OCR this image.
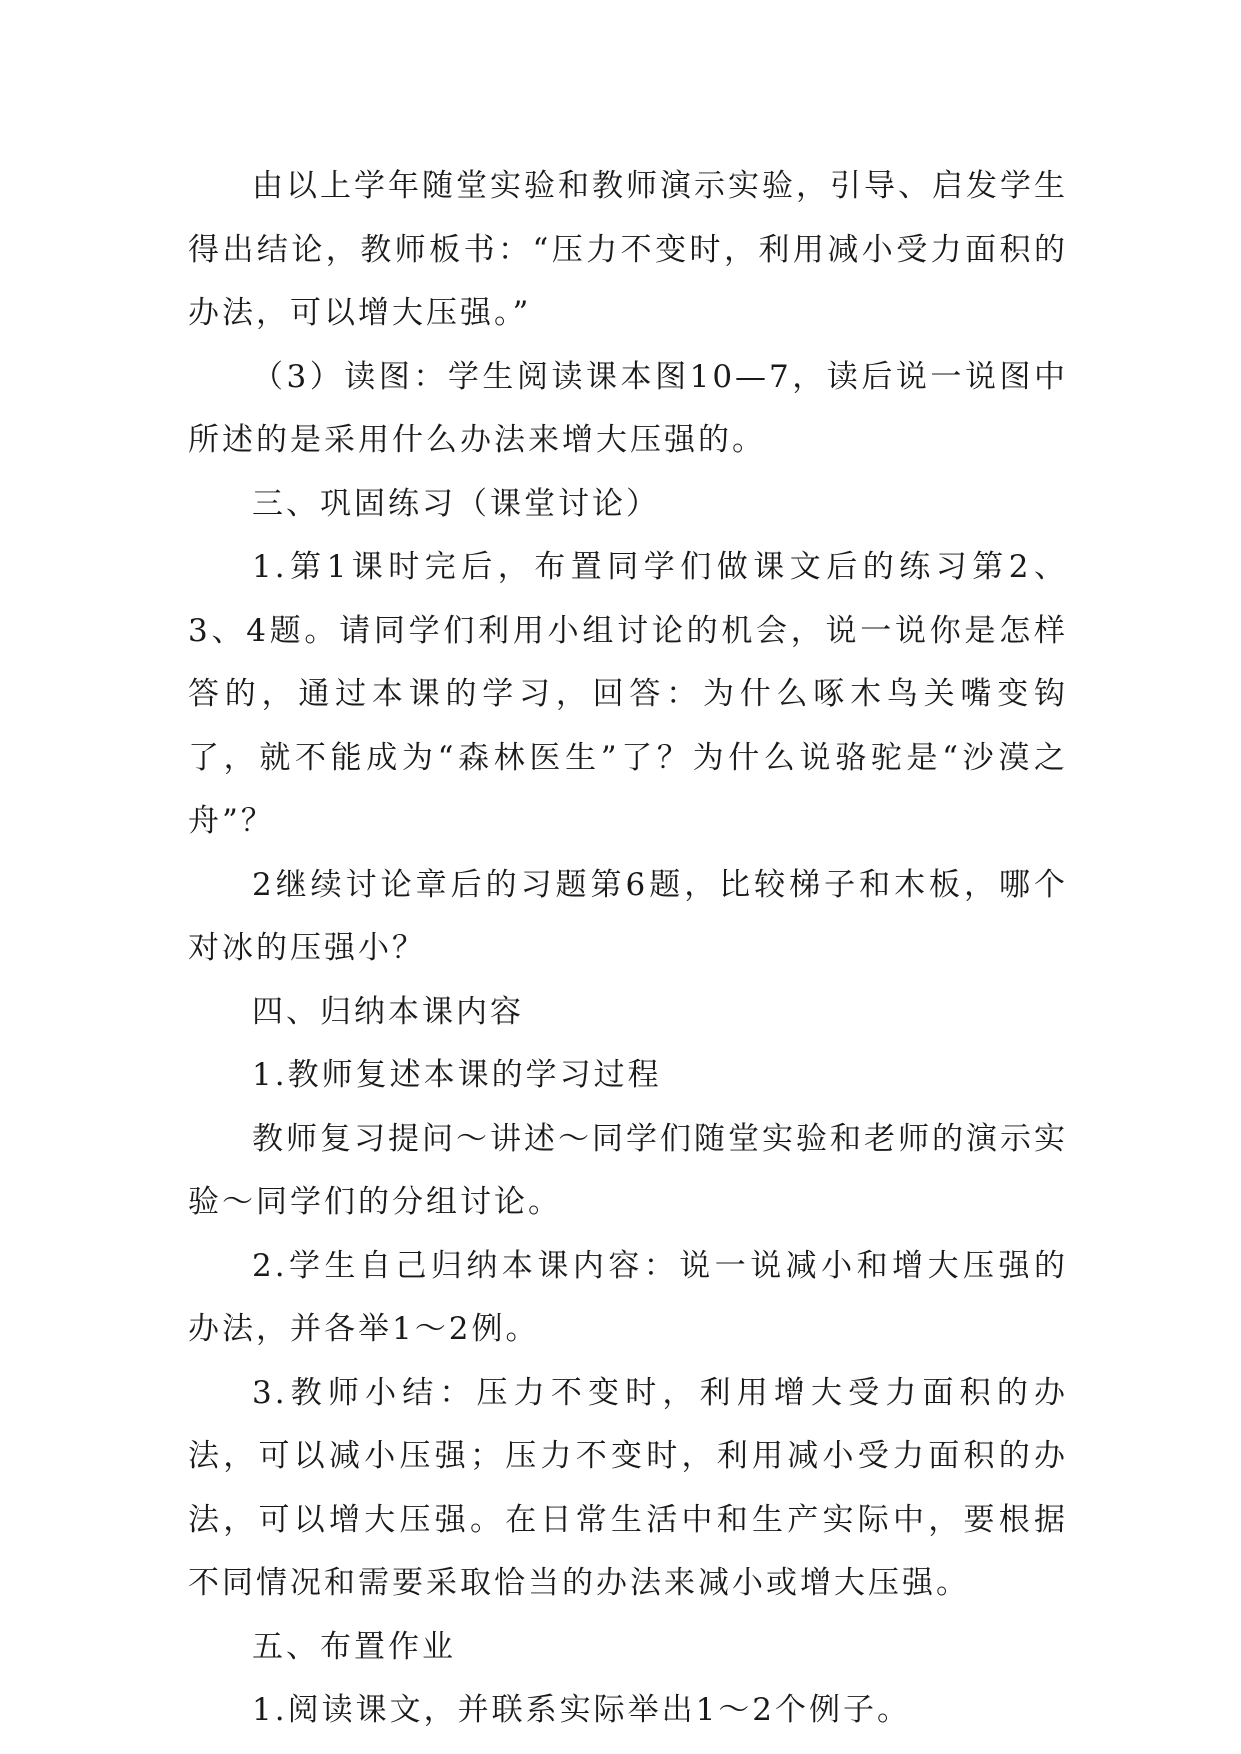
由以上学年随堂实验和教师演示实验，引导、启发学生得出结论，教师板书：“压力不变时，利用减小受力面积的办法，可以增大压强。”

（3）读图：学生阅读课本图10—7，读后说一说图中所述的是采用什么办法来增大压强的。

三、巩固练习（课堂讨论）

1.第1课时完后，布置同学们做课文后的练习第2、3、4题。请同学们利用小组讨论的机会，说一说你是怎样答的，通过本课的学习，回答：为什么啄木鸟关嘴变钩了，就不能成为“森林医生”了？为什么说骆驼是“沙漠之舟”？

2继续讨论章后的习题第6题，比较梯子和木板，哪个对冰的压强小？

四、归纳本课内容

1.教师复述本课的学习过程

教师复习提问～讲述～同学们随堂实验和老师的演示实验～同学们的分组讨论。

2.学生自己归纳本课内容：说一说减小和增大压强的办法，并各举1～2例。

3.教师小结：压力不变时，利用增大受力面积的办法，可以减小压强；压力不变时，利用减小受力面积的办法，可以增大压强。在日常生活中和生产实际中，要根据不同情况和需要采取恰当的办法来减小或增大压强。

五、布置作业

1.阅读课文，并联系实际举出1～2个例子。
